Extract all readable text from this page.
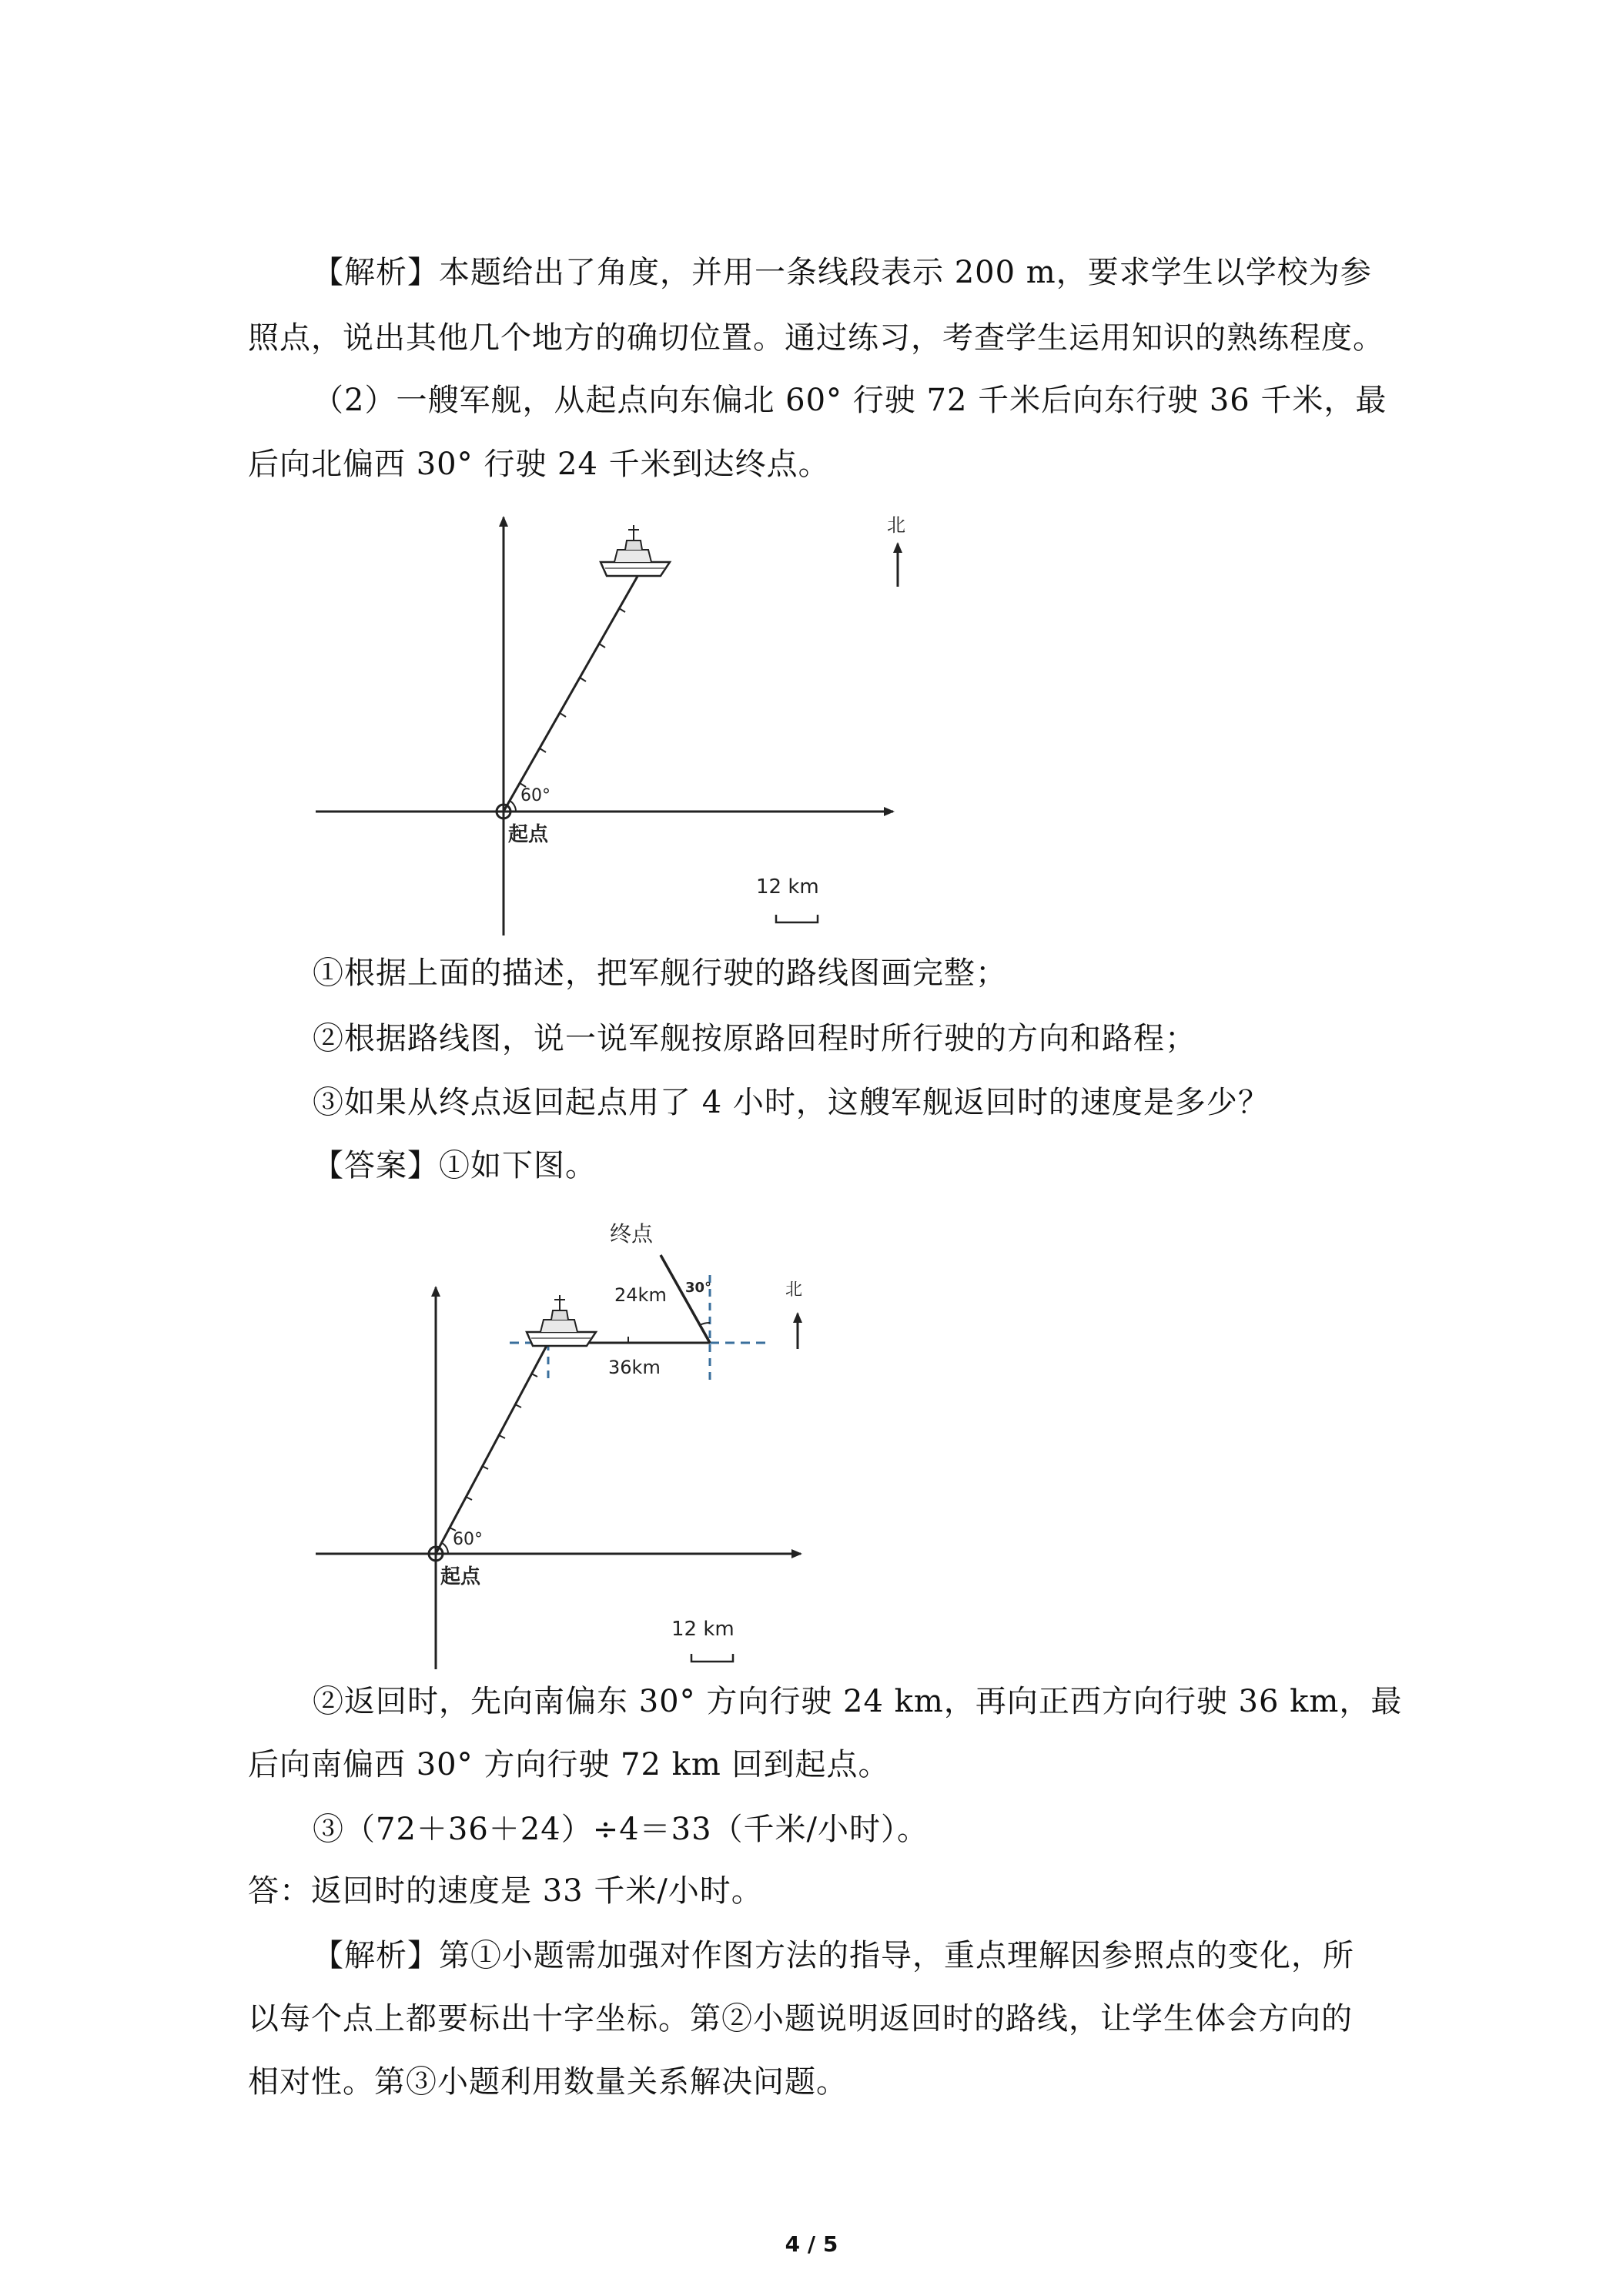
【解析】本题给出了角度，并用一条线段表示 200 m，要求学生以学校为参
照点，说出其他几个地方的确切位置。通过练习，考查学生运用知识的熟练程度。
（2）一艘军舰，从起点向东偏北 60° 行驶 72 千米后向东行驶 36 千米，最
后向北偏西 30° 行驶 24 千米到达终点。
60°
起点
北
12 km
①根据上面的描述，把军舰行驶的路线图画完整；
②根据路线图，说一说军舰按原路回程时所行驶的方向和路程；
③如果从终点返回起点用了 4 小时，这艘军舰返回时的速度是多少？
【答案】①如下图。
60°
起点
36km
24km 30°
终点
北
12 km
②返回时，先向南偏东 30° 方向行驶 24 km，再向正西方向行驶 36 km，最
后向南偏西 30° 方向行驶 72 km 回到起点。
③（72＋36＋24）÷4＝33（千米/小时）。
答：返回时的速度是 33 千米/小时。
【解析】第①小题需加强对作图方法的指导，重点理解因参照点的变化，所
以每个点上都要标出十字坐标。第②小题说明返回时的路线，让学生体会方向的
相对性。第③小题利用数量关系解决问题。
4 / 5
